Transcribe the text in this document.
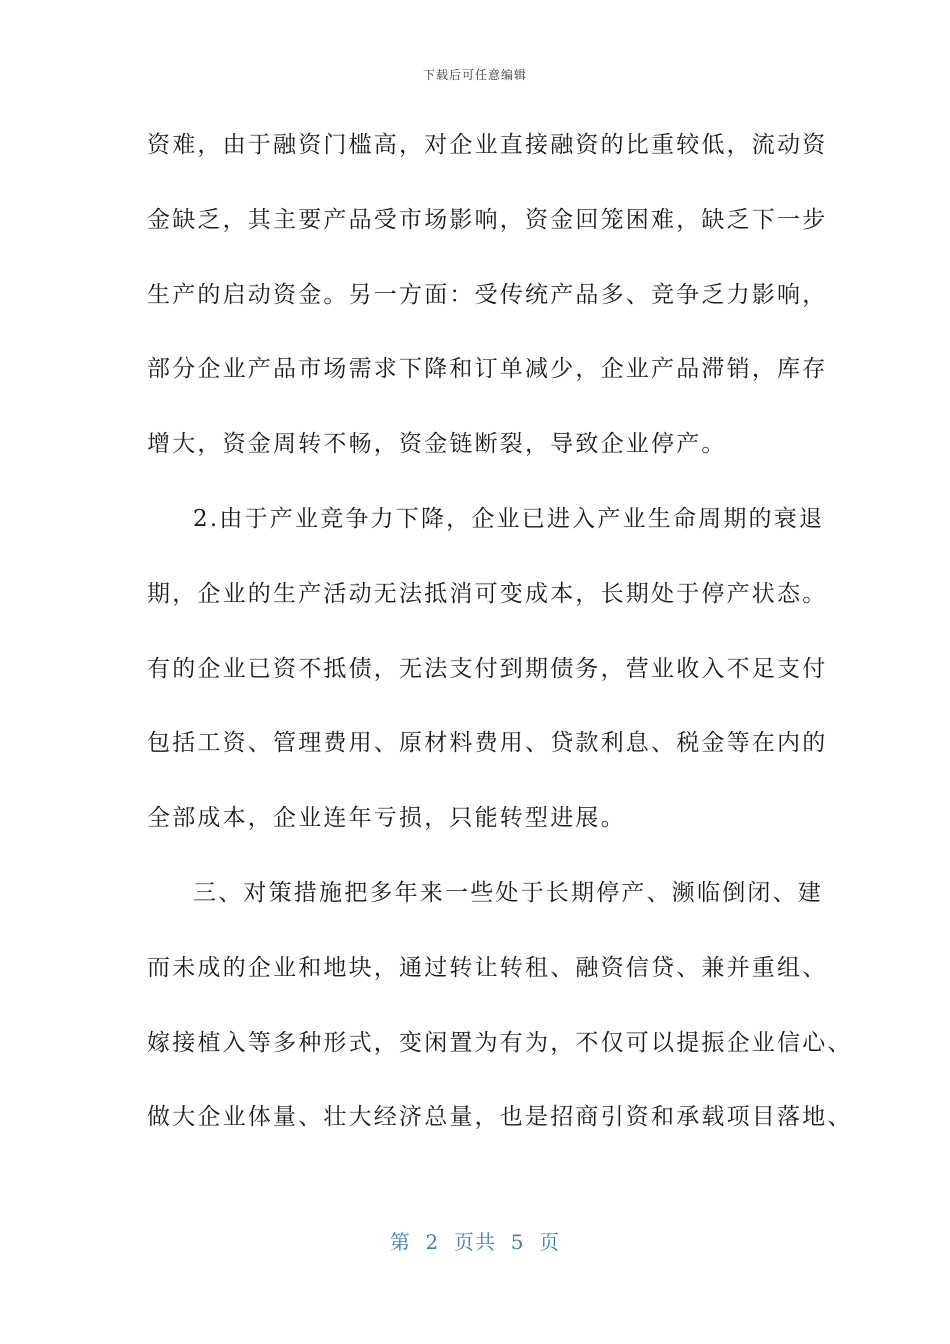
下载后可任意编辑
资难，由于融资门槛高，对企业直接融资的比重较低，流动资
金缺乏，其主要产品受市场影响，资金回笼困难，缺乏下一步
生产的启动资金。另一方面：受传统产品多、竞争乏力影响，
部分企业产品市场需求下降和订单减少，企业产品滞销，库存
增大，资金周转不畅，资金链断裂，导致企业停产。
2.由于产业竞争力下降，企业已进入产业生命周期的衰退
期，企业的生产活动无法抵消可变成本，长期处于停产状态。
有的企业已资不抵债，无法支付到期债务，营业收入不足支付
包括工资、管理费用、原材料费用、贷款利息、税金等在内的
全部成本，企业连年亏损，只能转型进展。
三、对策措施把多年来一些处于长期停产、濒临倒闭、建
而未成的企业和地块，通过转让转租、融资信贷、兼并重组、
嫁接植入等多种形式，变闲置为有为，不仅可以提振企业信心、
做大企业体量、壮大经济总量，也是招商引资和承载项目落地、
第  2  页共  5  页
